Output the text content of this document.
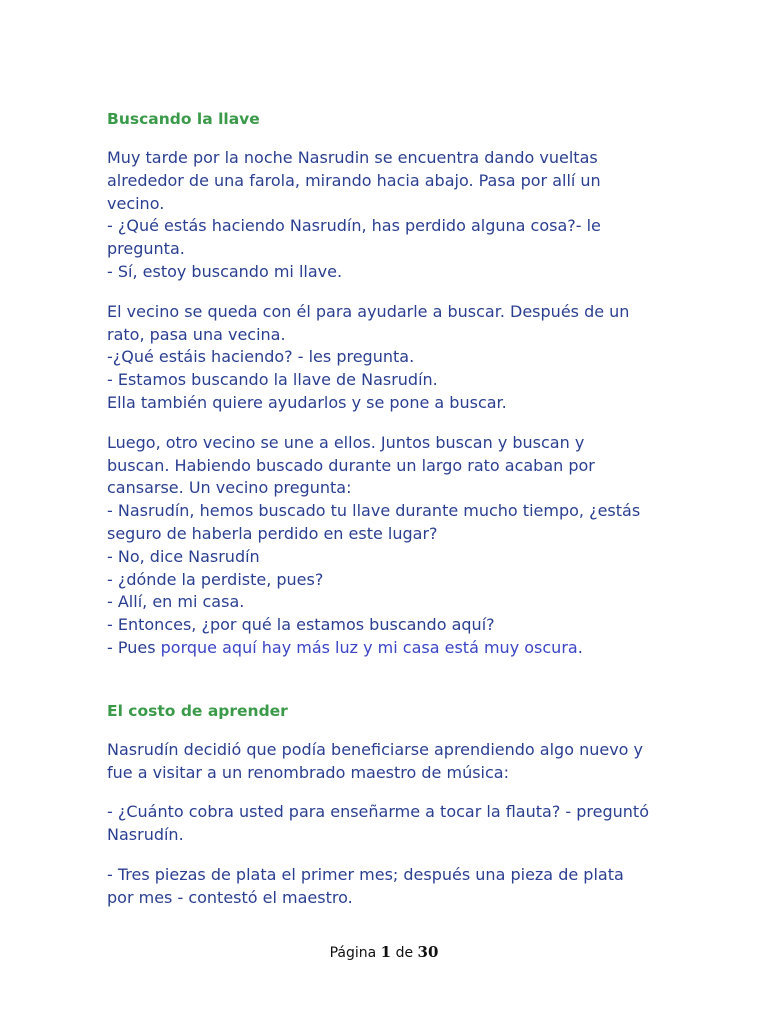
Buscando la llave

Muy tarde por la noche Nasrudin se encuentra dando vueltas
alrededor de una farola, mirando hacia abajo. Pasa por allí un
vecino.
- ¿Qué estás haciendo Nasrudín, has perdido alguna cosa?- le
pregunta.
- Sí, estoy buscando mi llave.

El vecino se queda con él para ayudarle a buscar. Después de un
rato, pasa una vecina.
-¿Qué estáis haciendo? - les pregunta.
- Estamos buscando la llave de Nasrudín.
Ella también quiere ayudarlos y se pone a buscar.

Luego, otro vecino se une a ellos. Juntos buscan y buscan y
buscan. Habiendo buscado durante un largo rato acaban por
cansarse. Un vecino pregunta:
- Nasrudín, hemos buscado tu llave durante mucho tiempo, ¿estás
seguro de haberla perdido en este lugar?
- No, dice Nasrudín
- ¿dónde la perdiste, pues?
- Allí, en mi casa.
- Entonces, ¿por qué la estamos buscando aquí?
- Pues porque aquí hay más luz y mi casa está muy oscura.

El costo de aprender

Nasrudín decidió que podía beneficiarse aprendiendo algo nuevo y
fue a visitar a un renombrado maestro de música:

- ¿Cuánto cobra usted para enseñarme a tocar la flauta? - preguntó
Nasrudín.

- Tres piezas de plata el primer mes; después una pieza de plata
por mes - contestó el maestro.

Página 1 de 30
